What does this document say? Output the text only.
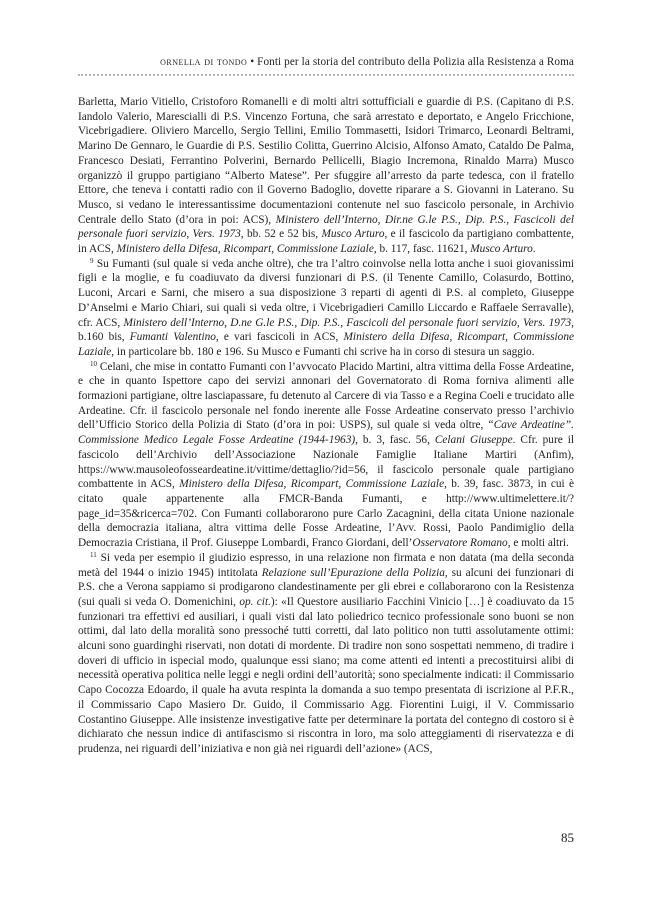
ornella di tondo • Fonti per la storia del contributo della Polizia alla Resistenza a Roma

Barletta, Mario Vitiello, Cristoforo Romanelli e di molti altri sottufficiali e guardie di P.S. (Capitano di P.S. Iandolo Valerio, Marescialli di P.S. Vincenzo Fortuna, che sarà arrestato e deportato, e Angelo Fricchione, Vicebrigadiere. Oliviero Marcello, Sergio Tellini, Emilio Tommasetti, Isidori Trimarco, Leonardi Beltrami, Marino De Gennaro, le Guardie di P.S. Sestilio Colitta, Guerrino Alcisio, Alfonso Amato, Cataldo De Palma, Francesco Desiati, Ferrantino Polverini, Bernardo Pellicelli, Biagio Incremona, Rinaldo Marra) Musco organizzò il gruppo partigiano “Alberto Matese”. Per sfuggire all’arresto da parte tedesca, con il fratello Ettore, che teneva i contatti radio con il Governo Badoglio, dovette riparare a S. Giovanni in Laterano. Su Musco, si vedano le interessantissime documentazioni contenute nel suo fascicolo personale, in Archivio Centrale dello Stato (d’ora in poi: ACS), Ministero dell’Interno, Dir.ne G.le P.S., Dip. P.S., Fascicoli del personale fuori servizio, Vers. 1973, bb. 52 e 52 bis, Musco Arturo, e il fascicolo da partigiano combattente, in ACS, Ministero della Difesa, Ricompart, Commissione Laziale, b. 117, fasc. 11621, Musco Arturo.

$^9$ Su Fumanti (sul quale si veda anche oltre), che tra l’altro coinvolse nella lotta anche i suoi giovanissimi figli e la moglie, e fu coadiuvato da diversi funzionari di P.S. (il Tenente Camillo, Colasurdo, Bottino, Luconi, Arcari e Sarni, che misero a sua disposizione 3 reparti di agenti di P.S. al completo, Giuseppe D’Anselmi e Mario Chiari, sui quali si veda oltre, i Vicebrigadieri Camillo Liccardo e Raffaele Serravalle), cfr. ACS, Ministero dell’Interno, D.ne G.le P.S., Dip. P.S., Fascicoli del personale fuori servizio, Vers. 1973, b.160 bis, Fumanti Valentino, e vari fascicoli in ACS, Ministero della Difesa, Ricompart, Commissione Laziale, in particolare bb. 180 e 196. Su Musco e Fumanti chi scrive ha in corso di stesura un saggio.

$^{10}$ Celani, che mise in contatto Fumanti con l’avvocato Placido Martini, altra vittima della Fosse Ardeatine, e che in quanto Ispettore capo dei servizi annonari del Governatorato di Roma forniva alimenti alle formazioni partigiane, oltre lasciapassare, fu detenuto al Carcere di via Tasso e a Regina Coeli e trucidato alle Ardeatine. Cfr. il fascicolo personale nel fondo inerente alle Fosse Ardeatine conservato presso l’archivio dell’Ufficio Storico della Polizia di Stato (d’ora in poi: USPS), sul quale si veda oltre, “Cave Ardeatine”. Commissione Medico Legale Fosse Ardeatine (1944-1963), b. 3, fasc. 56, Celani Giuseppe. Cfr. pure il fascicolo dell’Archivio dell’Associazione Nazionale Famiglie Italiane Martiri (Anfim), https://www.mausoleofosseardeatine.it/vittime/dettaglio/?id=56, il fascicolo personale quale partigiano combattente in ACS, Ministero della Difesa, Ricompart, Commissione Laziale, b. 39, fasc. 3873, in cui è citato quale appartenente alla FMCR-Banda Fumanti, e http://www.ultimelettere.it/?page_id=35&ricerca=702. Con Fumanti collaborarono pure Carlo Zacagnini, della citata Unione nazionale della democrazia italiana, altra vittima delle Fosse Ardeatine, l’Avv. Rossi, Paolo Pandimiglio della Democrazia Cristiana, il Prof. Giuseppe Lombardi, Franco Giordani, dell’Osservatore Romano, e molti altri.

$^{11}$ Si veda per esempio il giudizio espresso, in una relazione non firmata e non datata (ma della seconda metà del 1944 o inizio 1945) intitolata Relazione sull’Epurazione della Polizia, su alcuni dei funzionari di P.S. che a Verona sappiamo si prodigarono clandestinamente per gli ebrei e collaborarono con la Resistenza (sui quali si veda O. Domenichini, op. cit.): «Il Questore ausiliario Facchini Vinicio […] è coadiuvato da 15 funzionari tra effettivi ed ausiliari, i quali visti dal lato poliedrico tecnico professionale sono buoni se non ottimi, dal lato della moralità sono pressoché tutti corretti, dal lato politico non tutti assolutamente ottimi: alcuni sono guardinghi riservati, non dotati di mordente. Di tradire non sono sospettati nemmeno, di tradire i doveri di ufficio in ispecial modo, qualunque essi siano; ma come attenti ed intenti a precostituirsi alibi di necessità operativa politica nelle leggi e negli ordini dell’autorità; sono specialmente indicati: il Commissario Capo Cocozza Edoardo, il quale ha avuta respinta la domanda a suo tempo presentata di iscrizione al P.F.R., il Commissario Capo Masiero Dr. Guido, il Commissario Agg. Fiorentini Luigi, il V. Commissario Costantino Giuseppe. Alle insistenze investigative fatte per determinare la portata del contegno di costoro si è dichiarato che nessun indice di antifascismo si riscontra in loro, ma solo atteggiamenti di riservatezza e di prudenza, nei riguardi dell’iniziativa e non già nei riguardi dell’azione» (ACS,

85
